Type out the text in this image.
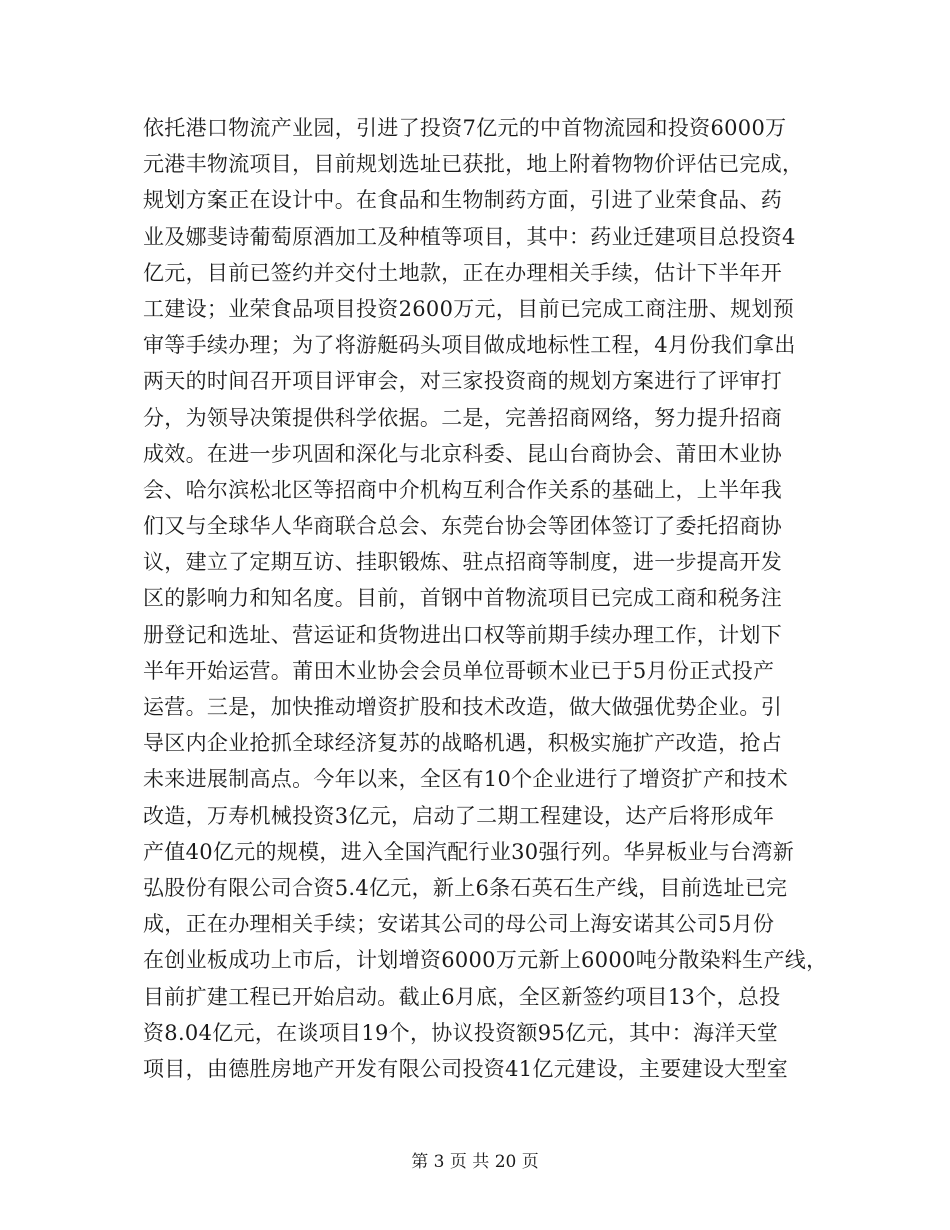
依托港口物流产业园，引进了投资7亿元的中首物流园和投资6000万
元港丰物流项目，目前规划选址已获批，地上附着物物价评估已完成，
规划方案正在设计中。在食品和生物制药方面，引进了业荣食品、药
业及娜斐诗葡萄原酒加工及种植等项目，其中：药业迁建项目总投资4
亿元，目前已签约并交付土地款，正在办理相关手续，估计下半年开
工建设；业荣食品项目投资2600万元，目前已完成工商注册、规划预
审等手续办理；为了将游艇码头项目做成地标性工程，4月份我们拿出
两天的时间召开项目评审会，对三家投资商的规划方案进行了评审打
分，为领导决策提供科学依据。二是，完善招商网络，努力提升招商
成效。在进一步巩固和深化与北京科委、昆山台商协会、莆田木业协
会、哈尔滨松北区等招商中介机构互利合作关系的基础上，上半年我
们又与全球华人华商联合总会、东莞台协会等团体签订了委托招商协
议，建立了定期互访、挂职锻炼、驻点招商等制度，进一步提高开发
区的影响力和知名度。目前，首钢中首物流项目已完成工商和税务注
册登记和选址、营运证和货物进出口权等前期手续办理工作，计划下
半年开始运营。莆田木业协会会员单位哥顿木业已于5月份正式投产
运营。三是，加快推动增资扩股和技术改造，做大做强优势企业。引
导区内企业抢抓全球经济复苏的战略机遇，积极实施扩产改造，抢占
未来进展制高点。今年以来，全区有10个企业进行了增资扩产和技术
改造，万寿机械投资3亿元，启动了二期工程建设，达产后将形成年
产值40亿元的规模，进入全国汽配行业30强行列。华昇板业与台湾新
弘股份有限公司合资5.4亿元，新上6条石英石生产线，目前选址已完
成，正在办理相关手续；安诺其公司的母公司上海安诺其公司5月份
在创业板成功上市后，计划增资6000万元新上6000吨分散染料生产线，
目前扩建工程已开始启动。截止6月底，全区新签约项目13个，总投
资8.04亿元，在谈项目19个，协议投资额95亿元，其中：海洋天堂
项目，由德胜房地产开发有限公司投资41亿元建设，主要建设大型室
第 3 页 共 20 页
